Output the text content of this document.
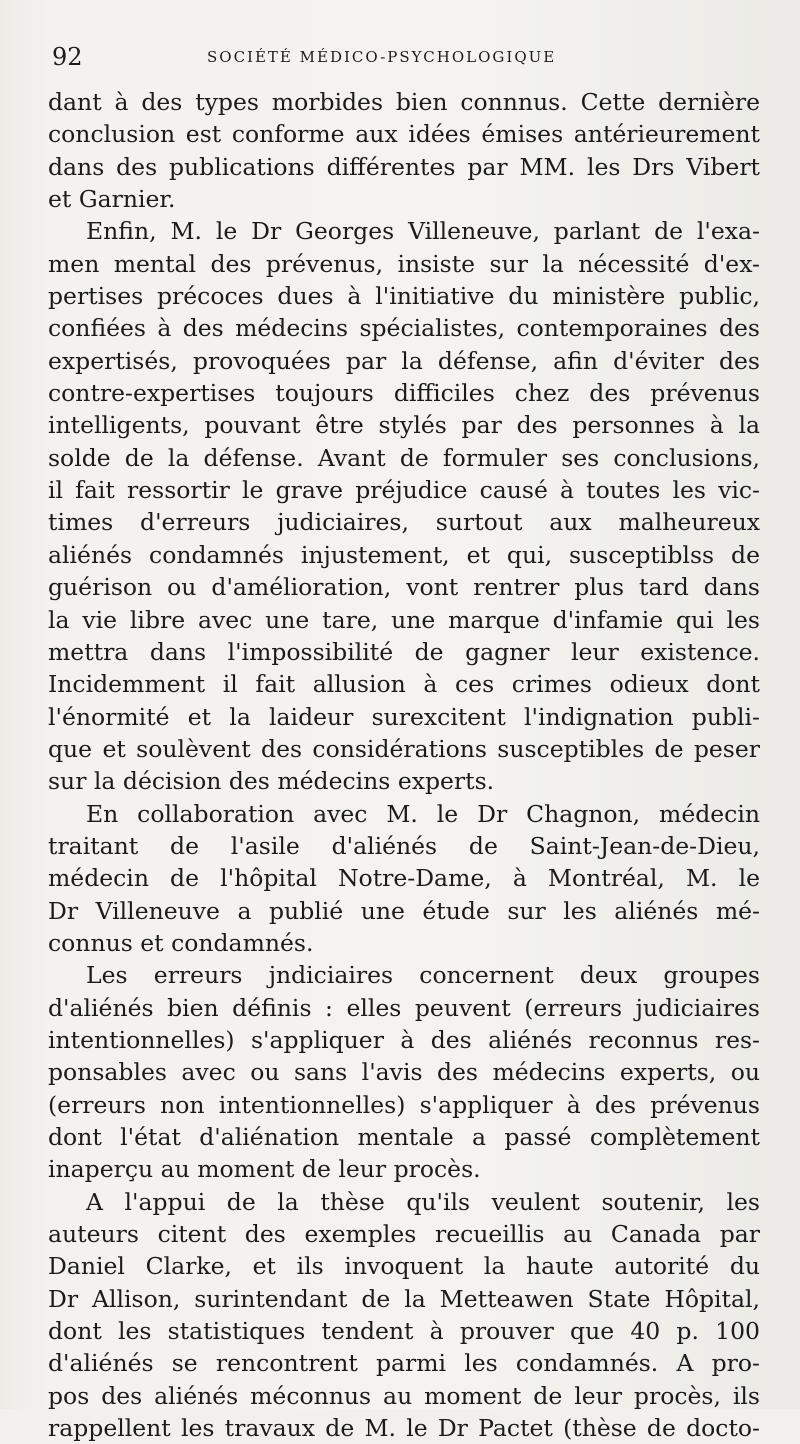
92	SOCIÉTÉ MÉDICO-PSYCHOLOGIQUE
dant à des types morbides bien connnus. Cette dernière
conclusion est conforme aux idées émises antérieurement
dans des publications différentes par MM. les Drs Vibert
et Garnier.
Enfin, M. le Dr Georges Villeneuve, parlant de l'exa-
men mental des prévenus, insiste sur la nécessité d'ex-
pertises précoces dues à l'initiative du ministère public,
confiées à des médecins spécialistes, contemporaines des
expertisés, provoquées par la défense, afin d'éviter des
contre-expertises toujours difficiles chez des prévenus
intelligents, pouvant être stylés par des personnes à la
solde de la défense. Avant de formuler ses conclusions,
il fait ressortir le grave préjudice causé à toutes les vic-
times d'erreurs judiciaires, surtout aux malheureux
aliénés condamnés injustement, et qui, susceptiblss de
guérison ou d'amélioration, vont rentrer plus tard dans
la vie libre avec une tare, une marque d'infamie qui les
mettra dans l'impossibilité de gagner leur existence.
Incidemment il fait allusion à ces crimes odieux dont
l'énormité et la laideur surexcitent l'indignation publi-
que et soulèvent des considérations susceptibles de peser
sur la décision des médecins experts.
En collaboration avec M. le Dr Chagnon, médecin
traitant de l'asile d'aliénés de Saint-Jean-de-Dieu,
médecin de l'hôpital Notre-Dame, à Montréal, M. le
Dr Villeneuve a publié une étude sur les aliénés mé-
connus et condamnés.
Les erreurs jndiciaires concernent deux groupes
d'aliénés bien définis : elles peuvent (erreurs judiciaires
intentionnelles) s'appliquer à des aliénés reconnus res-
ponsables avec ou sans l'avis des médecins experts, ou
(erreurs non intentionnelles) s'appliquer à des prévenus
dont l'état d'aliénation mentale a passé complètement
inaperçu au moment de leur procès.
A l'appui de la thèse qu'ils veulent soutenir, les
auteurs citent des exemples recueillis au Canada par
Daniel Clarke, et ils invoquent la haute autorité du
Dr Allison, surintendant de la Metteawen State Hôpital,
dont les statistiques tendent à prouver que 40 p. 100
d'aliénés se rencontrent parmi les condamnés. A pro-
pos des aliénés méconnus au moment de leur procès, ils
rappellent les travaux de M. le Dr Pactet (thèse de docto-
